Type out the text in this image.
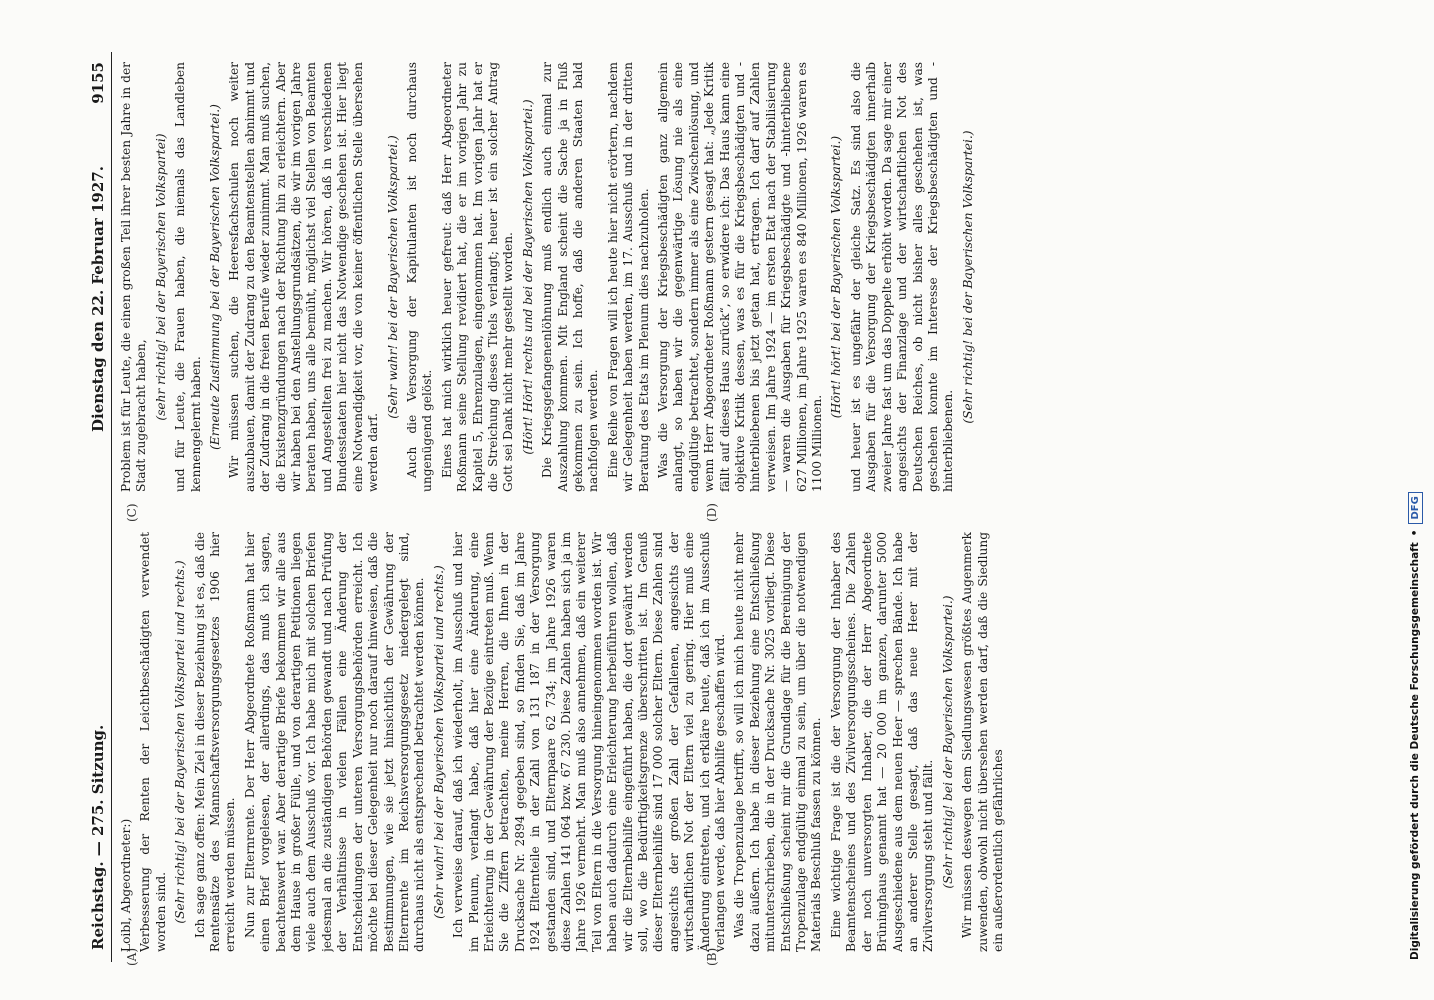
Reichstag. — 275. Sitzung.
Dienstag den 22. Februar 1927.
9155
(A)	(B)
(C)	(D)

Loibl, Abgeordneter:) Verbesserung der Renten der Leichtbeschädigten verwendet worden sind. (Sehr richtig! bei der Bayerischen Volkspartei und rechts.) Ich sage ganz offen: Mein Ziel in dieser Beziehung ist es, daß die Rentensätze des Mannschaftsversorgungsgesetzes 1906 hier erreicht werden müssen. Nun zur Elternrente. Der Herr Abgeordnete Roßmann hat hier einen Brief vorgelesen, der allerdings, das muß ich sagen, beachtenswert war. Aber derartige Briefe bekommen wir alle aus dem Hause in großer Fülle, und von derartigen Petitionen liegen viele auch dem Ausschuß vor. Ich habe mich mit solchen Briefen jedesmal an die zuständigen Behörden gewandt und nach Prüfung der Verhältnisse in vielen Fällen eine Änderung der Entscheidungen der unteren Versorgungsbehörden erreicht. Ich möchte bei dieser Gelegenheit nur noch darauf hinweisen, daß die Bestimmungen, wie sie jetzt hinsichtlich der Gewährung der Elternrente im Reichsversorgungsgesetz niedergelegt sind, durchaus nicht als entsprechend betrachtet werden können. (Sehr wahr! bei der Bayerischen Volkspartei und rechts.) Ich verweise darauf, daß ich wiederholt, im Ausschuß und hier im Plenum, verlangt habe, daß hier eine Änderung, eine Erleichterung in der Gewährung der Bezüge eintreten muß. Wenn Sie die Ziffern betrachten, meine Herren, die Ihnen in der Drucksache Nr. 2894 gegeben sind, so finden Sie, daß im Jahre 1924 Elternteile in der Zahl von 131 187 in der Versorgung gestanden sind, und Elternpaare 62 734; im Jahre 1926 waren diese Zahlen 141 064 bzw. 67 230. Diese Zahlen haben sich ja im Jahre 1926 vermehrt. Man muß also annehmen, daß ein weiterer Teil von Eltern in die Versorgung hineingenommen worden ist. Wir haben auch dadurch eine Erleichterung herbeiführen wollen, daß wir die Elternbeihilfe eingeführt haben, die dort gewährt werden soll, wo die Bedürftigkeitsgrenze überschritten ist. Im Genuß dieser Elternbeihilfe sind 17 000 solcher Eltern. Diese Zahlen sind angesichts der großen Zahl der Gefallenen, angesichts der wirtschaftlichen Not der Eltern viel zu gering. Hier muß eine Änderung eintreten, und ich erkläre heute, daß ich im Ausschuß verlangen werde, daß hier Abhilfe geschaffen wird. Was die Tropenzulage betrifft, so will ich mich heute nicht mehr dazu äußern. Ich habe in dieser Beziehung eine Entschließung mitunterschrieben, die in der Drucksache Nr. 3025 vorliegt. Diese Entschließung scheint mir die Grundlage für die Bereinigung der Tropenzulage endgültig einmal zu sein, um über die notwendigen Materials Beschluß fassen zu können. Eine wichtige Frage ist die der Versorgung der Inhaber des Beamtenscheines und des Zivilversorgungsscheines. Die Zahlen der noch unversorgten Inhaber, die der Herr Abgeordnete Brüninghaus genannt hat — 20 000 im ganzen, darunter 5000 Ausgeschiedene aus dem neuen Heer — sprechen Bände. Ich habe an anderer Stelle gesagt, daß das neue Heer mit der Zivilversorgung steht und fällt. (Sehr richtig! bei der Bayerischen Volkspartei.) Wir müssen deswegen dem Siedlungswesen größtes Augenmerk zuwenden, obwohl nicht übersehen werden darf, daß die Siedlung ein außerordentlich gefährliches

Problem ist für Leute, die einen großen Teil ihrer besten Jahre in der Stadt zugebracht haben, (sehr richtig! bei der Bayerischen Volkspartei) und für Leute, die Frauen haben, die niemals das Landleben kennengelernt haben. (Erneute Zustimmung bei der Bayerischen Volkspartei.) Wir müssen suchen, die Heeresfachschulen noch weiter auszubauen, damit der Zudrang zu den Beamtenstellen abnimmt und der Zudrang in die freien Berufe wieder zunimmt. Man muß suchen, die Existenzgründungen nach der Richtung hin zu erleichtern. Aber wir haben bei den Anstellungsgrundsätzen, die wir im vorigen Jahre beraten haben, uns alle bemüht, möglichst viel Stellen von Beamten und Angestellten frei zu machen. Wir hören, daß in verschiedenen Bundesstaaten hier nicht das Notwendige geschehen ist. Hier liegt eine Notwendigkeit vor, die von keiner öffentlichen Stelle übersehen werden darf.

(Sehr wahr! bei der Bayerischen Volkspartei.) Auch die Versorgung der Kapitulanten ist noch durchaus ungenügend gelöst. Eines hat mich wirklich heuer gefreut: daß Herr Abgeordneter Roßmann seine Stellung revidiert hat, die er im vorigen Jahr zu Kapitel 5, Ehrenzulagen, eingenommen hat. Im vorigen Jahr hat er die Streichung dieses Titels verlangt; heuer ist ein solcher Antrag Gott sei Dank nicht mehr gestellt worden. (Hört! Hört! rechts und bei der Bayerischen Volkspartei.) Die Kriegsgefangenenlöhnung muß endlich auch einmal zur Auszahlung kommen. Mit England scheint die Sache ja in Fluß gekommen zu sein. Ich hoffe, daß die anderen Staaten bald nachfolgen werden. Eine Reihe von Fragen will ich heute hier nicht erörtern, nachdem wir Gelegenheit haben werden, im 17. Ausschuß und in der dritten Beratung des Etats im Plenum dies nachzuholen. Was die Versorgung der Kriegsbeschädigten ganz allgemein anlangt, so haben wir die gegenwärtige Lösung nie als eine endgültige betrachtet, sondern immer als eine Zwischenlösung, und wenn Herr Abgeordneter Roßmann gestern gesagt hat: „Jede Kritik fällt auf dieses Haus zurück“, so erwidere ich: Das Haus kann eine objektive Kritik dessen, was es für die Kriegsbeschädigten und -hinterbliebenen bis jetzt getan hat, ertragen. Ich darf auf Zahlen verweisen. Im Jahre 1924 — im ersten Etat nach der Stabilisierung — waren die Ausgaben für Kriegsbeschädigte und -hinterbliebene 627 Millionen, im Jahre 1925 waren es 840 Millionen, 1926 waren es 1100 Millionen.

(Hört! hört! bei der Bayerischen Volkspartei.) und heuer ist es ungefähr der gleiche Satz. Es sind also die Ausgaben für die Versorgung der Kriegsbeschädigten innerhalb zweier Jahre fast um das Doppelte erhöht worden. Da sage mir einer angesichts der Finanzlage und der wirtschaftlichen Not des Deutschen Reiches, ob nicht bisher alles geschehen ist, was geschehen konnte im Interesse der Kriegsbeschädigten und -hinterbliebenen.

(Sehr richtig! bei der Bayerischen Volkspartei.)

Digitalisierung gefördert durch die Deutsche Forschungsgemeinschaft
•
DFG
